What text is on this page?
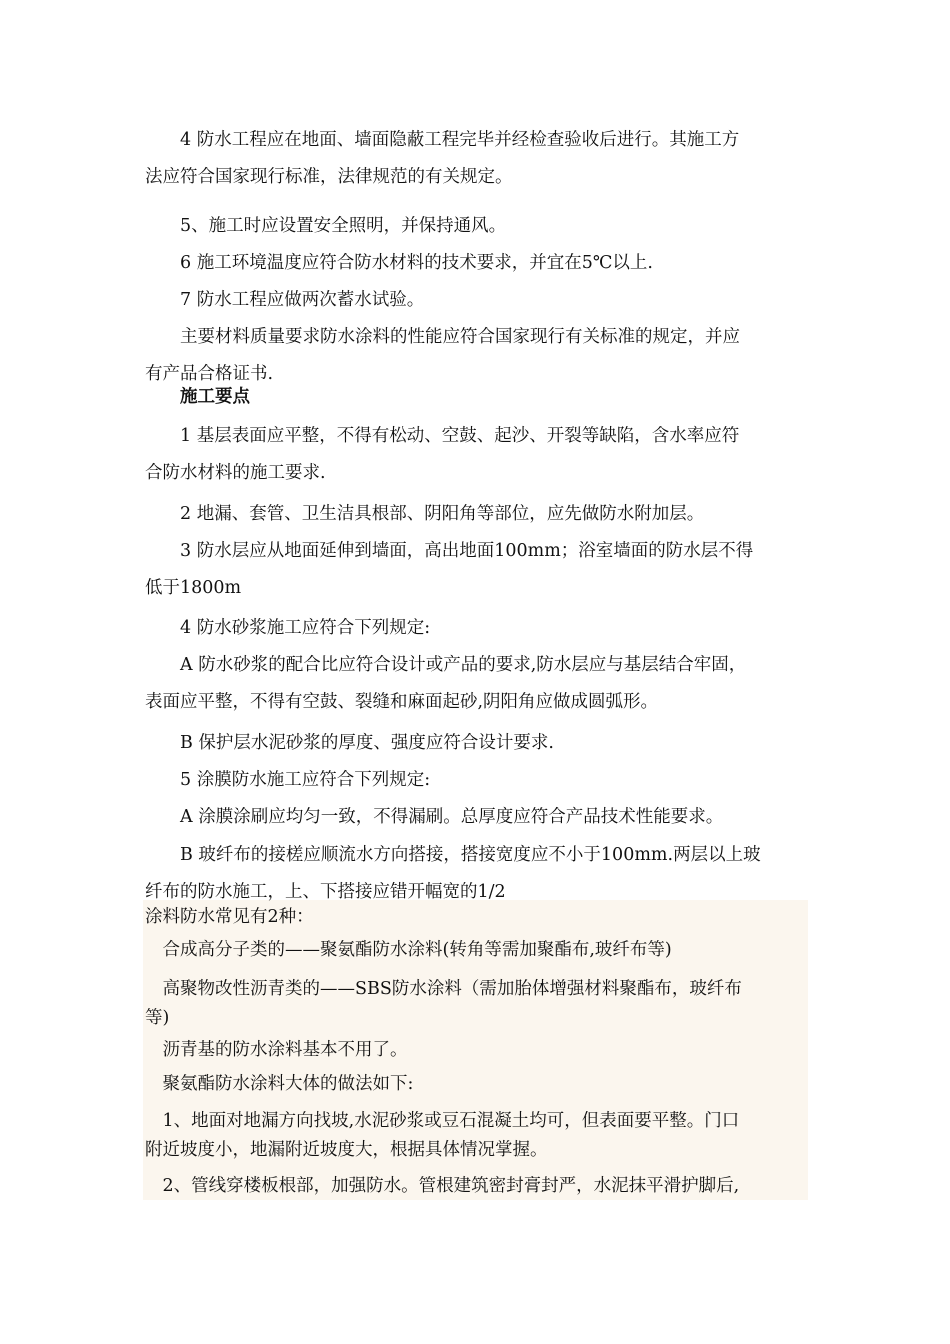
　　4 防水工程应在地面、墙面隐蔽工程完毕并经检查验收后进行。其施工方
法应符合国家现行标准，法律规范的有关规定。

　　5、施工时应设置安全照明，并保持通风。

　　6 施工环境温度应符合防水材料的技术要求，并宜在5℃以上.

　　7 防水工程应做两次蓄水试验。

　　主要材料质量要求防水涂料的性能应符合国家现行有关标准的规定，并应
有产品合格证书.

　　施工要点

　　1 基层表面应平整，不得有松动、空鼓、起沙、开裂等缺陷，含水率应符
合防水材料的施工要求.

　　2 地漏、套管、卫生洁具根部、阴阳角等部位，应先做防水附加层。

　　3 防水层应从地面延伸到墙面，高出地面100mm；浴室墙面的防水层不得
低于1800m

　　4 防水砂浆施工应符合下列规定:

　　A 防水砂浆的配合比应符合设计或产品的要求,防水层应与基层结合牢固，
表面应平整，不得有空鼓、裂缝和麻面起砂,阴阳角应做成圆弧形。

　　B 保护层水泥砂浆的厚度、强度应符合设计要求.

　　5 涂膜防水施工应符合下列规定:

　　A 涂膜涂刷应均匀一致，不得漏刷。总厚度应符合产品技术性能要求。

　　B 玻纤布的接槎应顺流水方向搭接，搭接宽度应不小于100mm.两层以上玻
纤布的防水施工，上、下搭接应错开幅宽的1/2

涂料防水常见有2种：

　合成高分子类的——聚氨酯防水涂料(转角等需加聚酯布,玻纤布等)

　高聚物改性沥青类的——SBS防水涂料（需加胎体增强材料聚酯布，玻纤布
等)

　沥青基的防水涂料基本不用了。

　聚氨酯防水涂料大体的做法如下:

　1、地面对地漏方向找坡,水泥砂浆或豆石混凝土均可，但表面要平整。门口
附近坡度小，地漏附近坡度大，根据具体情况掌握。

　2、管线穿楼板根部，加强防水。管根建筑密封膏封严，水泥抹平滑护脚后,
